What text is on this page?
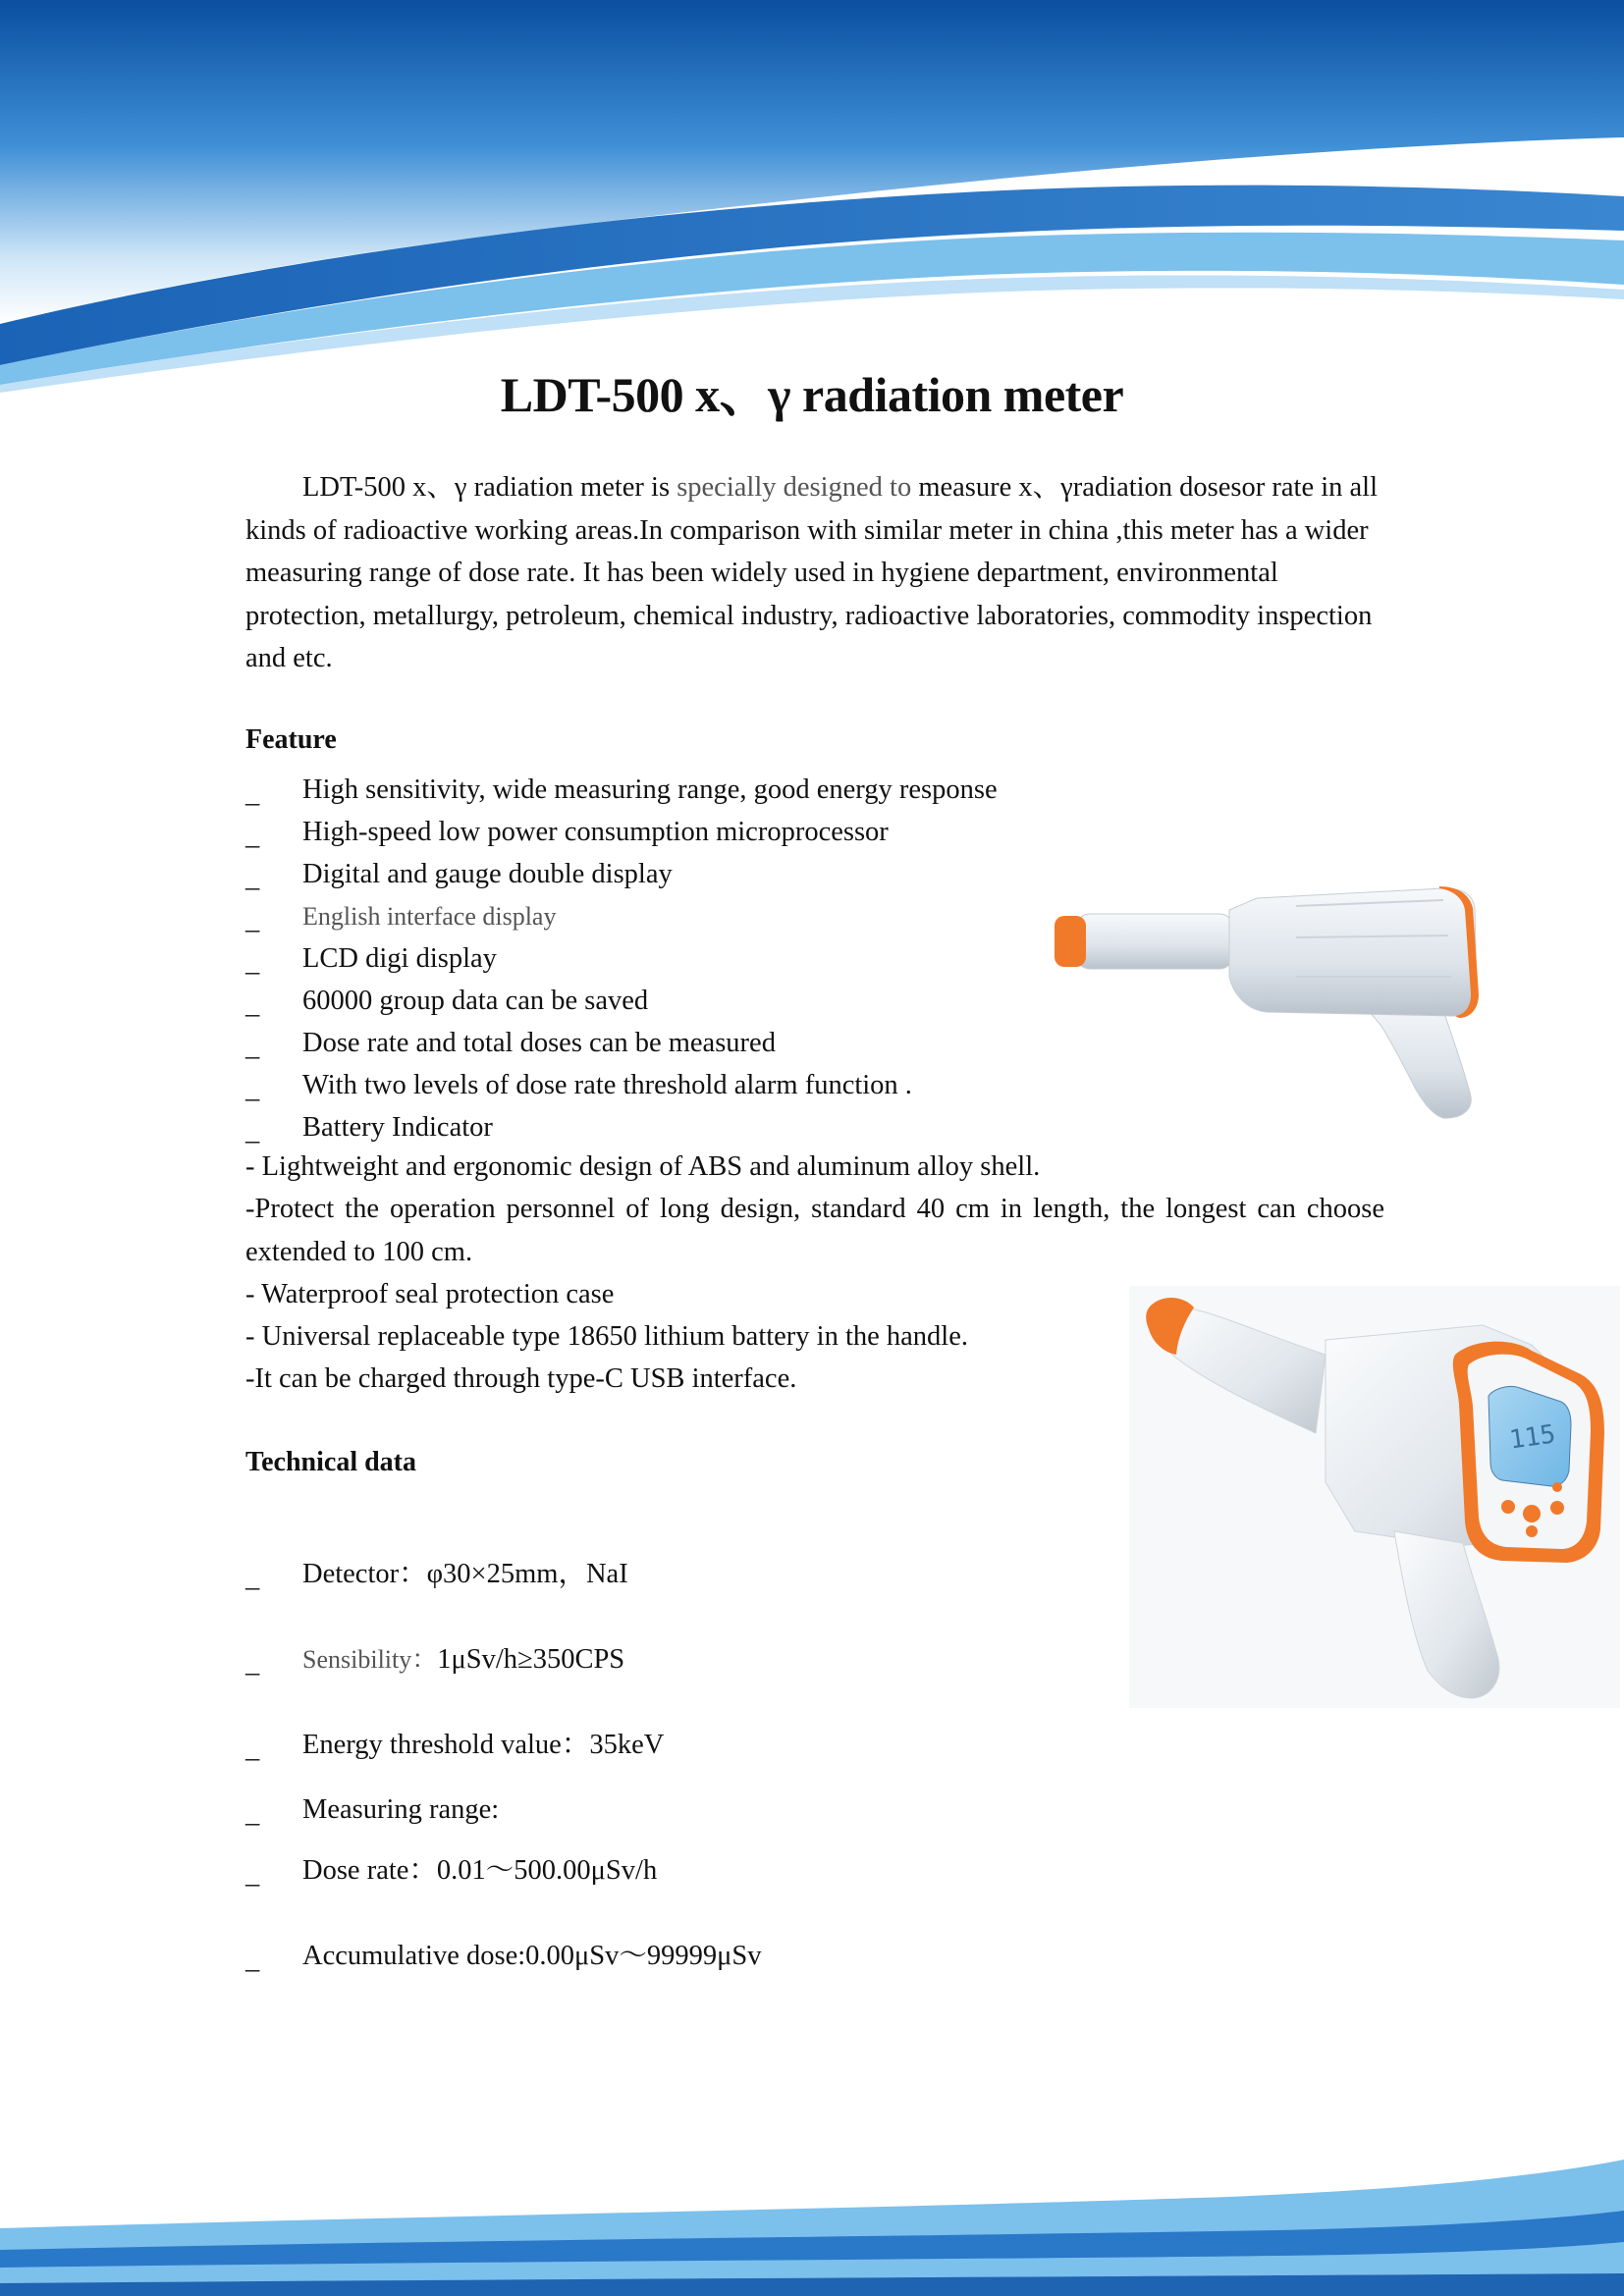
LDT-500 x、γ radiation meter
LDT-500 x、γ radiation meter is specially designed to measure x、γradiation dosesor rate in all kinds of radioactive working areas.In comparison with similar meter in china ,this meter has a wider measuring range of dose rate. It has been widely used in hygiene department, environmental protection, metallurgy, petroleum, chemical industry, radioactive laboratories, commodity inspection and etc.
Feature
_ High sensitivity, wide measuring range, good energy response
_ High-speed low power consumption microprocessor
_ Digital and gauge double display
_ English interface display
_ LCD digi display
_ 60000 group data can be saved
_ Dose rate and total doses can be measured
_ With two levels of dose rate threshold alarm function .
_ Battery Indicator
- Lightweight and ergonomic design of ABS and aluminum alloy shell.
-Protect the operation personnel of long design, standard 40 cm in length, the longest can choose extended to 100 cm.
- Waterproof seal protection case
- Universal replaceable type 18650 lithium battery in the handle.
-It can be charged through type-C USB interface.
Technical data
_ Detector：φ30×25mm，NaI
_ Sensibility：1μSv/h≥350CPS
_ Energy threshold value：35keV
_ Measuring range:
_ Dose rate：0.01～500.00μSv/h
_ Accumulative dose:0.00μSv～99999μSv
115
